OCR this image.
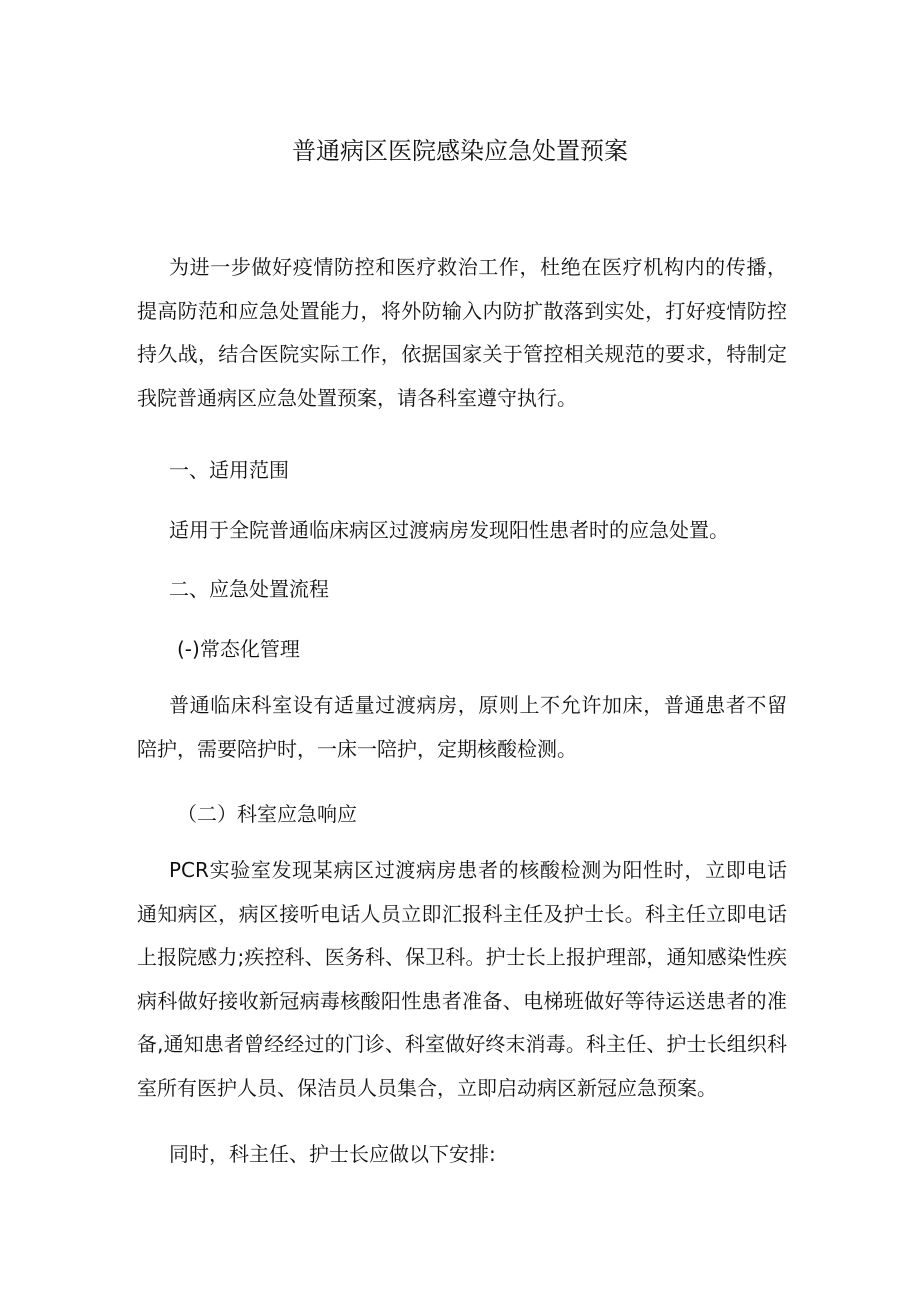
普通病区医院感染应急处置预案

为进一步做好疫情防控和医疗救治工作，杜绝在医疗机构内的传播，提高防范和应急处置能力，将外防输入内防扩散落到实处，打好疫情防控持久战，结合医院实际工作，依据国家关于管控相关规范的要求，特制定我院普通病区应急处置预案，请各科室遵守执行。

一、适用范围
适用于全院普通临床病区过渡病房发现阳性患者时的应急处置。
二、应急处置流程
(-)常态化管理

普通临床科室设有适量过渡病房，原则上不允许加床，普通患者不留陪护，需要陪护时，一床一陪护，定期核酸检测。

（二）科室应急响应

PCR实验室发现某病区过渡病房患者的核酸检测为阳性时，立即电话通知病区，病区接听电话人员立即汇报科主任及护士长。科主任立即电话上报院感力;疾控科、医务科、保卫科。护士长上报护理部，通知感染性疾病科做好接收新冠病毒核酸阳性患者准备、电梯班做好等待运送患者的准备,通知患者曾经经过的门诊、科室做好终末消毒。科主任、护士长组织科室所有医护人员、保洁员人员集合，立即启动病区新冠应急预案。

同时，科主任、护士长应做以下安排:
